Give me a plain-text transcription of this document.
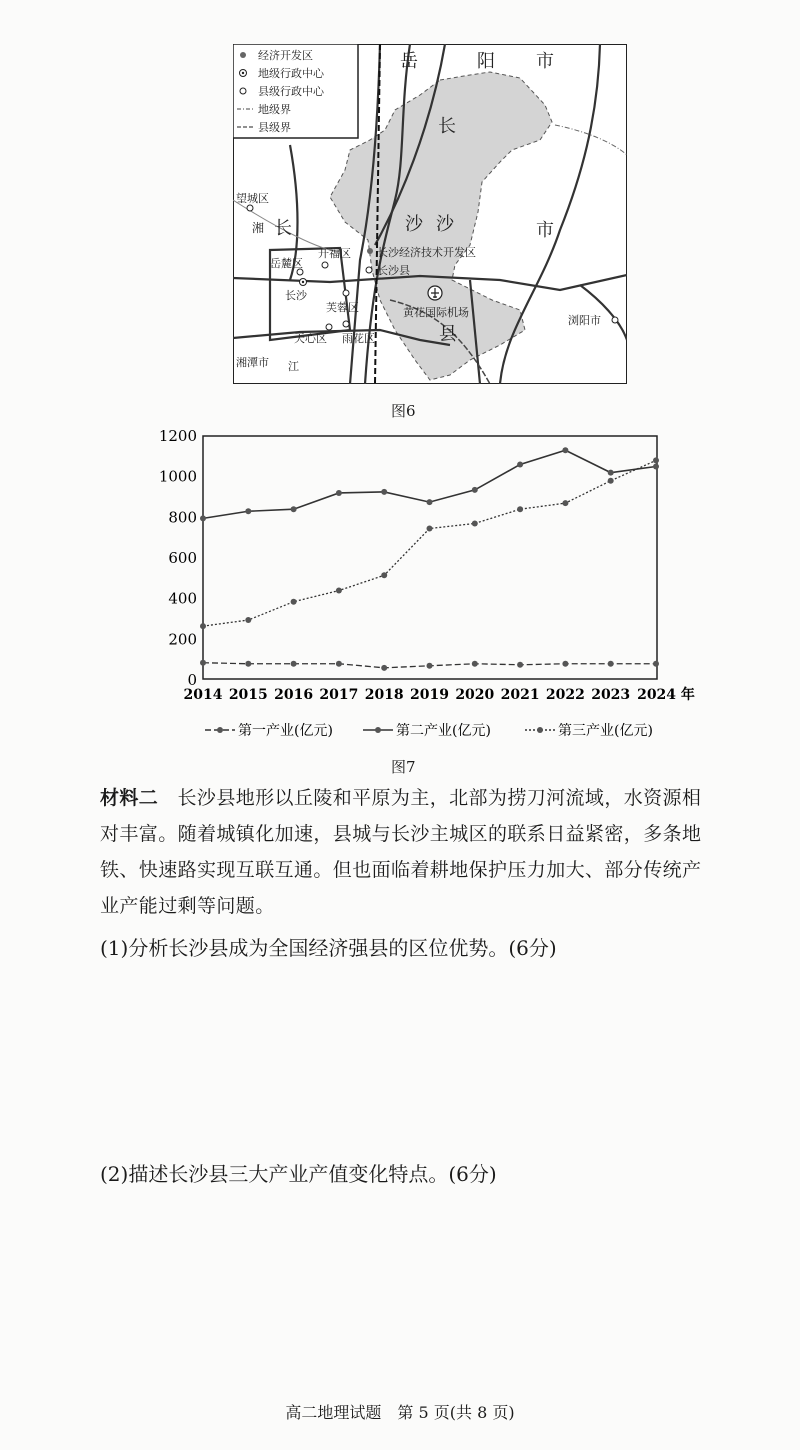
经济开发区
地级行政中心
县级行政中心
地级界
县级界
岳	阳 市
长
沙 沙	市
县
长
湘
望城区
开福区
岳麓区
长沙经济技术开发区
长沙县
长沙
芙蓉区	黄花国际机场
天心区 雨花区
浏阳市
湘潭市 江
图6
0
200
400
600
800
1000
1200
2014 2015 2016 2017 2018 2019 2020 2021 2022 2023 2024 年
第一产业(亿元)	第二产业(亿元)	第三产业(亿元)
图7
材料二 长沙县地形以丘陵和平原为主，北部为捞刀河流域，水资源相
对丰富。随着城镇化加速，县城与长沙主城区的联系日益紧密，多条地
铁、快速路实现互联互通。但也面临着耕地保护压力加大、部分传统产
业产能过剩等问题。
(1)分析长沙县成为全国经济强县的区位优势。(6分)
(2)描述长沙县三大产业产值变化特点。(6分)
高二地理试题　第 5 页(共 8 页)
